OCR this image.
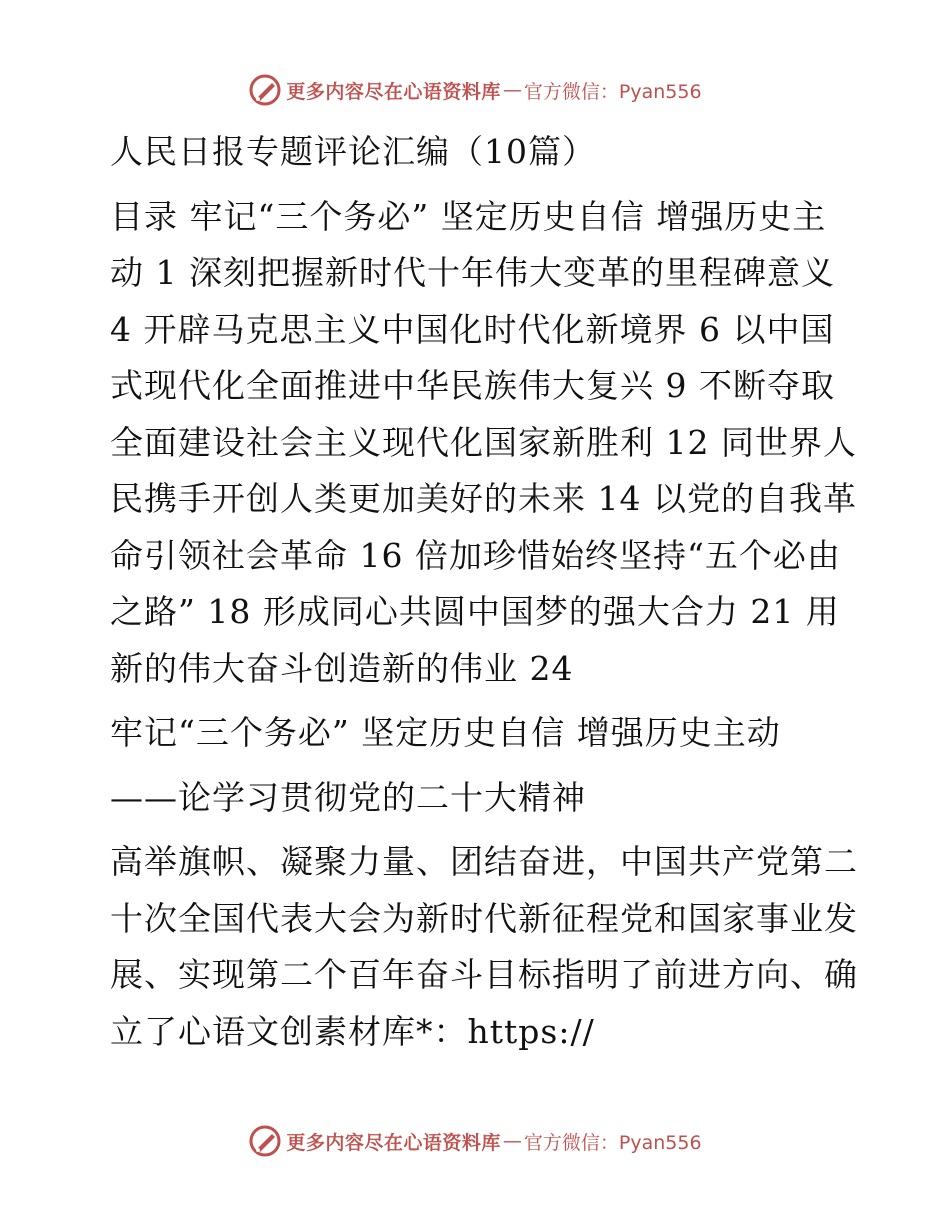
更多内容尽在心语资料库 — 官方微信：Pyan556

人民日报专题评论汇编（10篇）

目录 牢记“三个务必” 坚定历史自信 增强历史主动 1 深刻把握新时代十年伟大变革的里程碑意义 4 开辟马克思主义中国化时代化新境界 6 以中国式现代化全面推进中华民族伟大复兴 9 不断夺取全面建设社会主义现代化国家新胜利 12 同世界人民携手开创人类更加美好的未来 14 以党的自我革命引领社会革命 16 倍加珍惜始终坚持“五个必由之路” 18 形成同心共圆中国梦的强大合力 21 用新的伟大奋斗创造新的伟业 24

牢记“三个务必” 坚定历史自信 增强历史主动

——论学习贯彻党的二十大精神

高举旗帜、凝聚力量、团结奋进，中国共产党第二十次全国代表大会为新时代新征程党和国家事业发展、实现第二个百年奋斗目标指明了前进方向、确立了心语文创素材库*：https://

更多内容尽在心语资料库 — 官方微信：Pyan556
